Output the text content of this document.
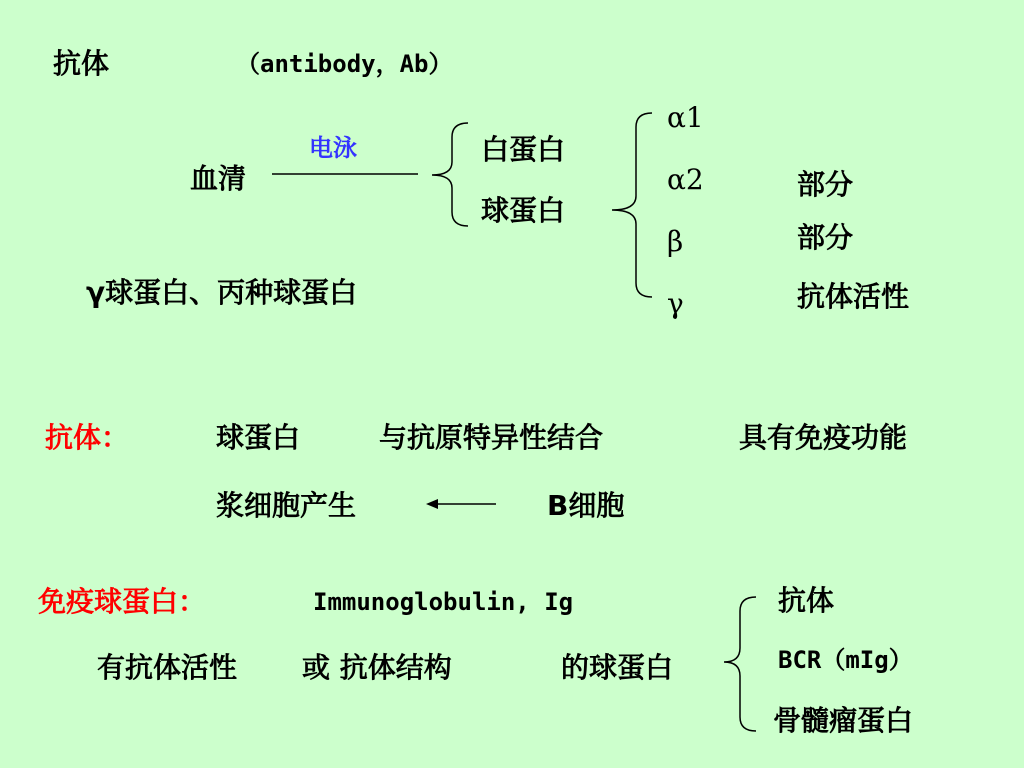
抗体	（antibody，Ab）
血清
电泳	白蛋白
球蛋白
α1
α2
β
γ
部分
部分
抗体活性
γ球蛋白、丙种球蛋白
抗体：	球蛋白	与抗原特异性结合	具有免疫功能
浆细胞产生	B细胞
免疫球蛋白：	Immunoglobulin, Ig
有抗体活性 或 抗体结构	的球蛋白
抗体
BCR（mIg）
骨髓瘤蛋白
